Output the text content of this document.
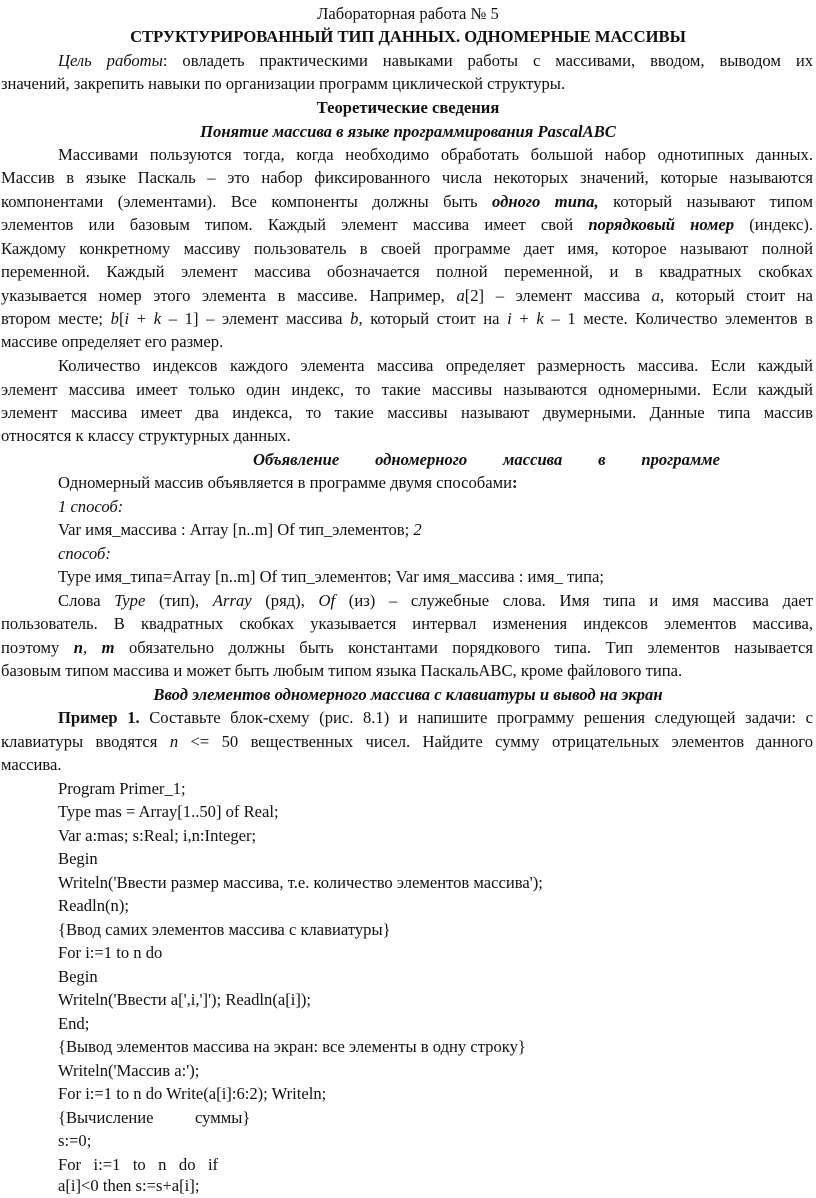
Лабораторная работа № 5
СТРУКТУРИРОВАННЫЙ ТИП ДАННЫХ. ОДНОМЕРНЫЕ МАССИВЫ
Цель работы: овладеть практическими навыками работы с массивами, вводом, выводом их
значений, закрепить навыки по организации программ циклической структуры.
Теоретические сведения
Понятие массива в языке программирования PascalABC
Массивами пользуются тогда, когда необходимо обработать большой набор однотипных данных.
Массив в языке Паскаль – это набор фиксированного числа некоторых значений, которые называются
компонентами (элементами). Все компоненты должны быть одного типа, который называют типом
элементов или базовым типом. Каждый элемент массива имеет свой порядковый номер (индекс).
Каждому конкретному массиву пользователь в своей программе дает имя, которое называют полной
переменной. Каждый элемент массива обозначается полной переменной, и в квадратных скобках
указывается номер этого элемента в массиве. Например, a[2] – элемент массива a, который стоит на
втором месте; b[i + k – 1] – элемент массива b, который стоит на i + k – 1 месте. Количество элементов в
массиве определяет его размер.
Количество индексов каждого элемента массива определяет размерность массива. Если каждый
элемент массива имеет только один индекс, то такие массивы называются одномерными. Если каждый
элемент массива имеет два индекса, то такие массивы называют двумерными. Данные типа массив
относятся к классу структурных данных.
Объявление одномерного массива в программе
Одномерный массив объявляется в программе двумя способами:
1 способ:
Var имя_массива : Array [n..m] Of тип_элементов; 2
способ:
Type имя_типа=Array [n..m] Of тип_элементов; Var имя_массива : имя_ типа;
Слова Type (тип), Array (ряд), Of (из) – служебные слова. Имя типа и имя массива дает
пользователь. В квадратных скобках указывается интервал изменения индексов элементов массива,
поэтому n, m обязательно должны быть константами порядкового типа. Тип элементов называется
базовым типом массива и может быть любым типом языка ПаскальABC, кроме файлового типа.
Ввод элементов одномерного массива с клавиатуры и вывод на экран
Пример 1. Составьте блок-схему (рис. 8.1) и напишите программу решения следующей задачи: с
клавиатуры вводятся n <= 50 вещественных чисел. Найдите сумму отрицательных элементов данного
массива.
Program Primer_1;
Type mas = Array[1..50] of Real;
Var a:mas; s:Real; i,n:Integer;
Begin
Writeln('Ввести размер массива, т.е. количество элементов массива');
Readln(n);
{Ввод самих элементов массива с клавиатуры}
For i:=1 to n do
Begin
Writeln('Ввести a[',i,']'); Readln(a[i]);
End;
{Вывод элементов массива на экран: все элементы в одну строку}
Writeln('Массив a:');
For i:=1 to n do Write(a[i]:6:2); Writeln;
{Вычисление          суммы}
s:=0;
For   i:=1   to   n   do   if
a[i]<0 then s:=s+a[i];
